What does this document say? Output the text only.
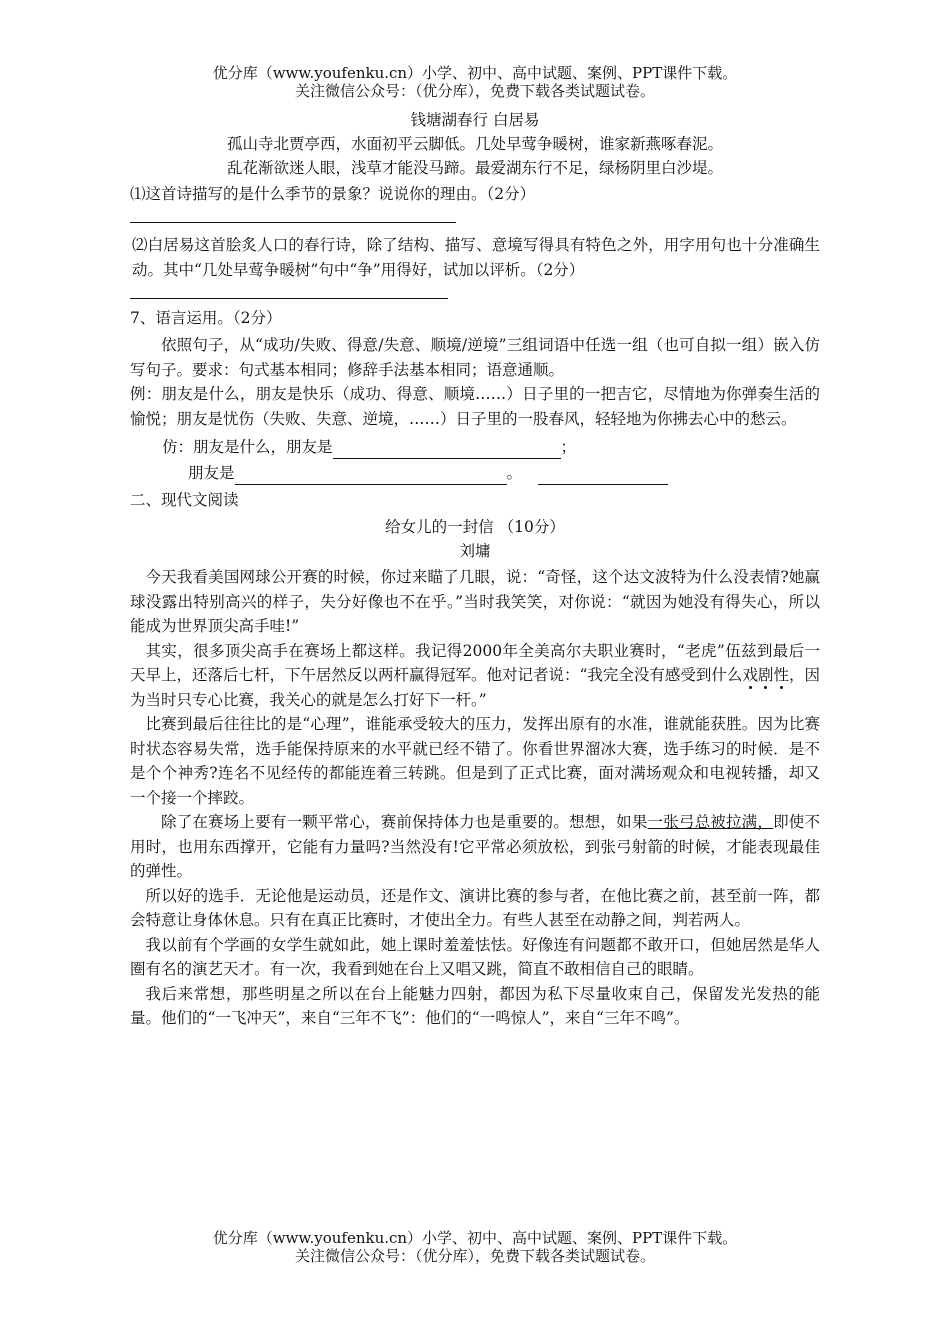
优分库（www.youfenku.cn）小学、初中、高中试题、案例、PPT课件下载。
关注微信公众号：（优分库），免费下载各类试题试卷。
钱塘湖春行 白居易
孤山寺北贾亭西，水面初平云脚低。几处早莺争暖树，谁家新燕啄春泥。
乱花渐欲迷人眼，浅草才能没马蹄。最爱湖东行不足，绿杨阴里白沙堤。
⑴这首诗描写的是什么季节的景象？说说你的理由。（2分）
⑵白居易这首脍炙人口的春行诗，除了结构、描写、意境写得具有特色之外，用字用句也十分准确生动。其中“几处早莺争暖树”句中“争”用得好，试加以评析。（2分）
7、语言运用。（2分）
依照句子，从“成功/失败、得意/失意、顺境/逆境”三组词语中任选一组（也可自拟一组）嵌入仿写句子。要求：句式基本相同；修辞手法基本相同；语意通顺。
例：朋友是什么，朋友是快乐（成功、得意、顺境……）日子里的一把吉它，尽情地为你弹奏生活的愉悦；朋友是忧伤（失败、失意、逆境，……）日子里的一股春风，轻轻地为你拂去心中的愁云。
仿：朋友是什么，朋友是	；
朋友是	。
二、现代文阅读
给女儿的一封信 （10分）
刘墉
今天我看美国网球公开赛的时候，你过来瞄了几眼，说：“奇怪，这个达文波特为什么没表情?她赢球没露出特别高兴的样子，失分好像也不在乎。”当时我笑笑，对你说：“就因为她没有得失心，所以能成为世界顶尖高手哇!”
其实，很多顶尖高手在赛场上都这样。我记得2000年全美高尔夫职业赛时，“老虎”伍兹到最后一天早上，还落后七杆，下午居然反以两杆赢得冠军。他对记者说：“我完全没有感受到什么戏剧性，因为当时只专心比赛，我关心的就是怎么打好下一杆。”
比赛到最后往往比的是“心理”，谁能承受较大的压力，发挥出原有的水准，谁就能获胜。因为比赛时状态容易失常，选手能保持原来的水平就已经不错了。你看世界溜冰大赛，选手练习的时候．是不是个个神秀?连名不见经传的都能连着三转跳。但是到了正式比赛，面对满场观众和电视转播，却又一个接一个摔跤。
除了在赛场上要有一颗平常心，赛前保持体力也是重要的。想想，如果一张弓总被拉满，即使不用时，也用东西撑开，它能有力量吗?当然没有!它平常必须放松，到张弓射箭的时候，才能表现最佳的弹性。
所以好的选手．无论他是运动员，还是作文、演讲比赛的参与者，在他比赛之前，甚至前一阵，都会特意让身体休息。只有在真正比赛时，才使出全力。有些人甚至在动静之间，判若两人。
我以前有个学画的女学生就如此，她上课时羞羞怯怯。好像连有问题都不敢开口，但她居然是华人圈有名的演艺天才。有一次，我看到她在台上又唱又跳，简直不敢相信自己的眼睛。
我后来常想，那些明星之所以在台上能魅力四射，都因为私下尽量收束自己，保留发光发热的能量。他们的“一飞冲天”，来自“三年不飞”：他们的“一鸣惊人”，来自“三年不鸣”。
优分库（www.youfenku.cn）小学、初中、高中试题、案例、PPT课件下载。
关注微信公众号：（优分库），免费下载各类试题试卷。
